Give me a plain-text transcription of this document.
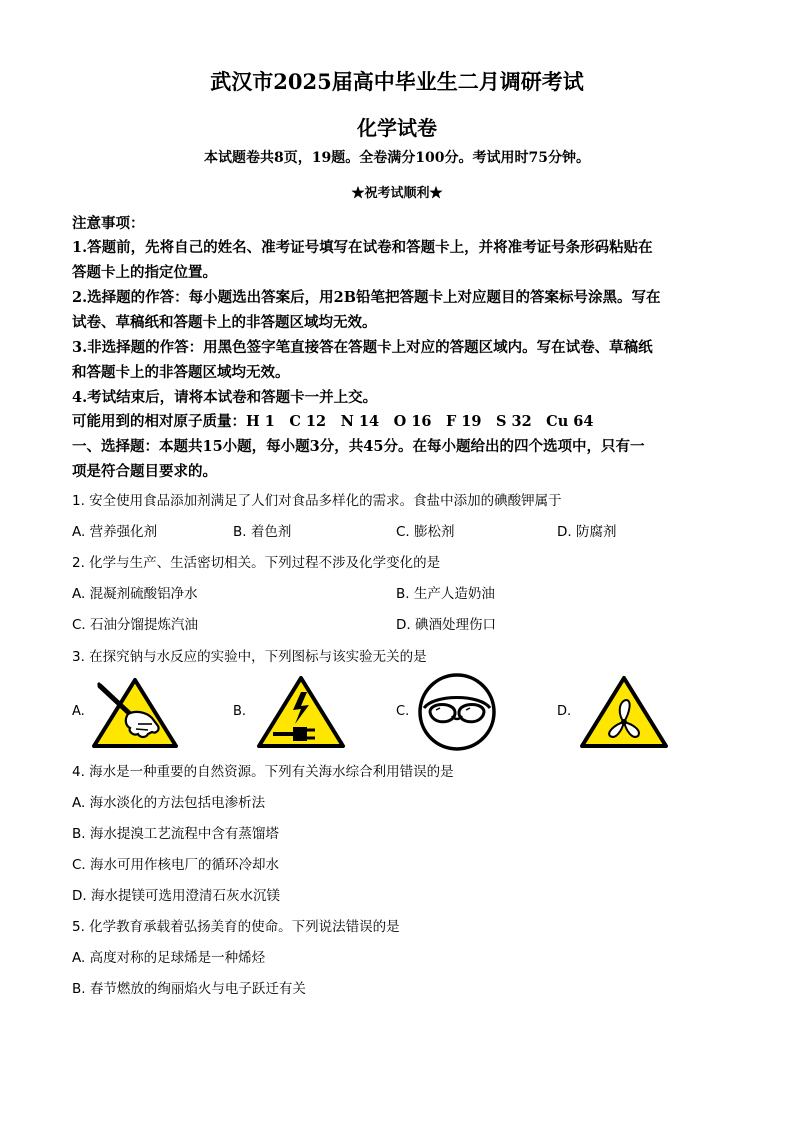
武汉市2025届高中毕业生二月调研考试
化学试卷
本试题卷共8页，19题。全卷满分100分。考试用时75分钟。
★祝考试顺利★
注意事项：
1.答题前，先将自己的姓名、准考证号填写在试卷和答题卡上，并将准考证号条形码粘贴在
答题卡上的指定位置。
2.选择题的作答：每小题选出答案后，用2B铅笔把答题卡上对应题目的答案标号涂黑。写在
试卷、草稿纸和答题卡上的非答题区域均无效。
3.非选择题的作答：用黑色签字笔直接答在答题卡上对应的答题区域内。写在试卷、草稿纸
和答题卡上的非答题区域均无效。
4.考试结束后，请将本试卷和答题卡一并上交。
可能用到的相对原子质量：H 1　C 12　N 14　O 16　F 19　S 32　Cu 64
一、选择题：本题共15小题，每小题3分，共45分。在每小题给出的四个选项中，只有一
项是符合题目要求的。
1. 安全使用食品添加剂满足了人们对食品多样化的需求。食盐中添加的碘酸钾属于
A. 营养强化剂	B. 着色剂	C. 膨松剂	D. 防腐剂
2. 化学与生产、生活密切相关。下列过程不涉及化学变化的是
A. 混凝剂硫酸铝净水	B. 生产人造奶油
C. 石油分馏提炼汽油	D. 碘酒处理伤口
3. 在探究钠与水反应的实验中，下列图标与该实验无关的是
A.	B.	C.	D.
4. 海水是一种重要的自然资源。下列有关海水综合利用错误的是
A. 海水淡化的方法包括电渗析法
B. 海水提溴工艺流程中含有蒸馏塔
C. 海水可用作核电厂的循环冷却水
D. 海水提镁可选用澄清石灰水沉镁
5. 化学教育承载着弘扬美育的使命。下列说法错误的是
A. 高度对称的足球烯是一种烯烃
B. 春节燃放的绚丽焰火与电子跃迁有关
